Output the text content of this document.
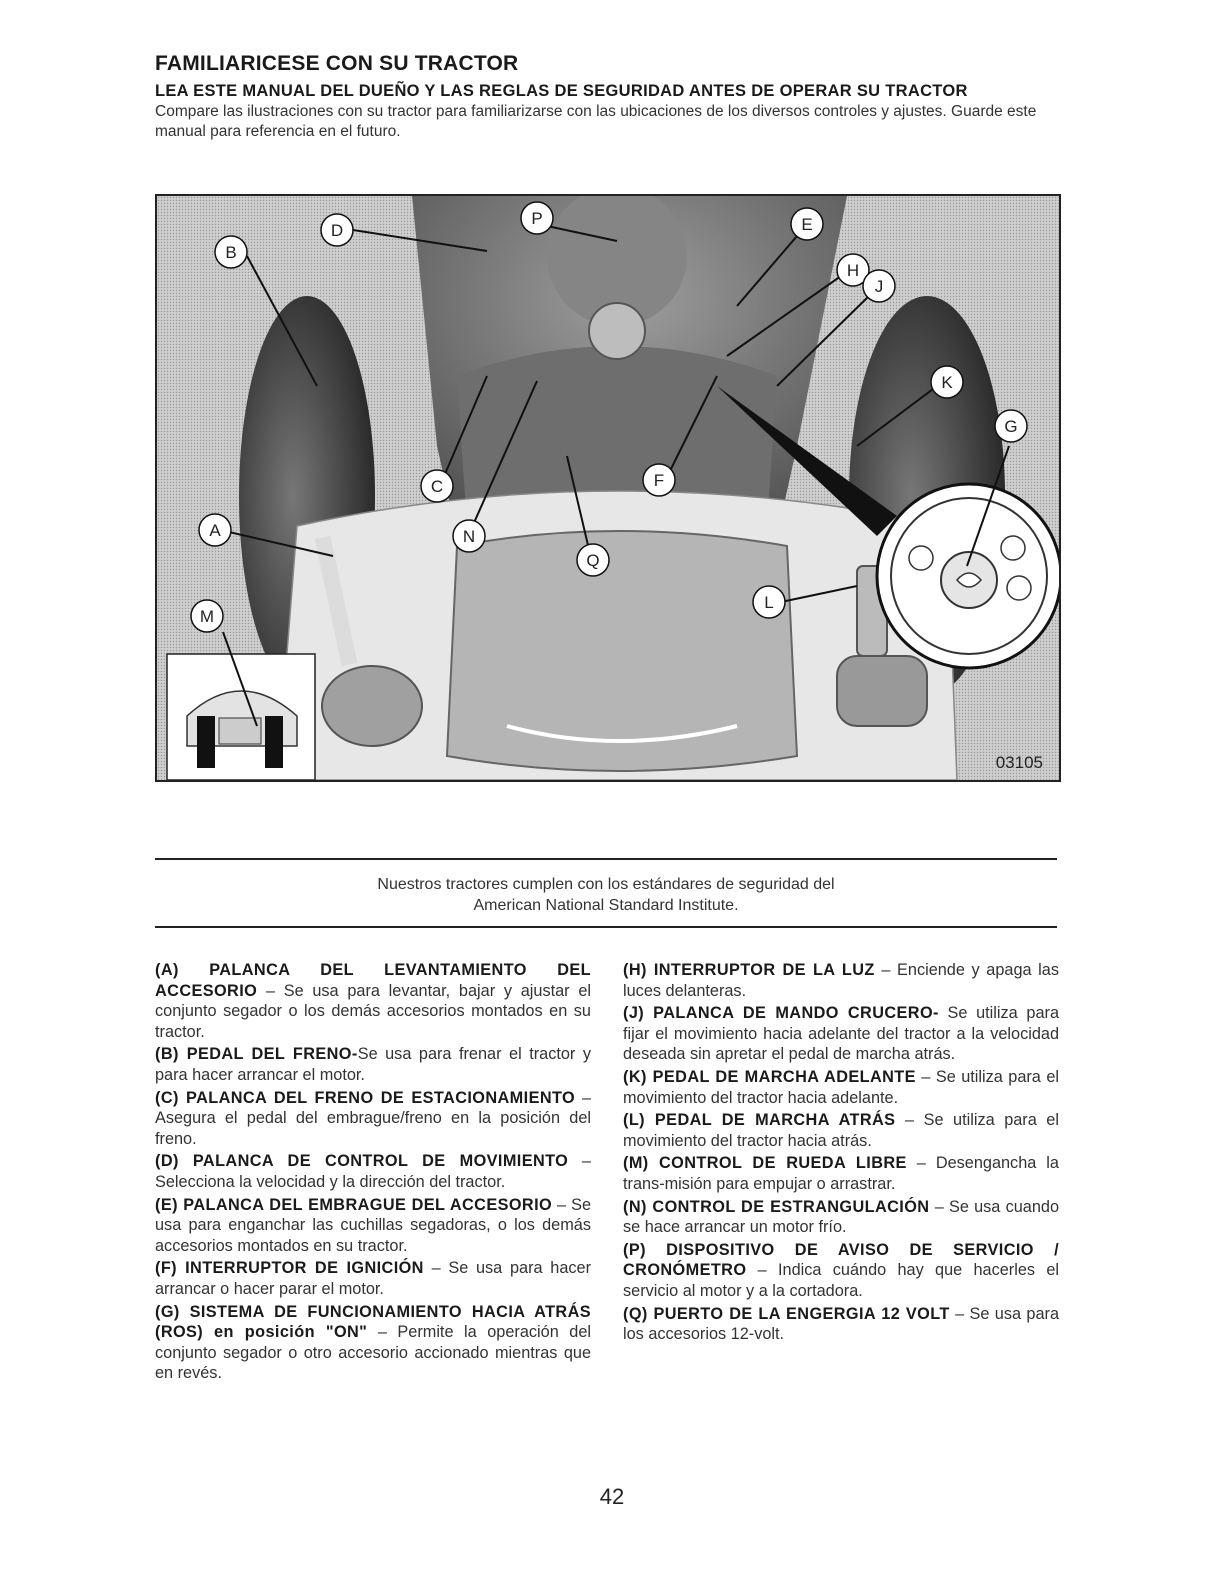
FAMILIARICESE CON SU TRACTOR
LEA ESTE MANUAL DEL DUEÑO Y LAS REGLAS DE SEGURIDAD ANTES DE OPERAR SU TRACTOR
Compare las ilustraciones con su tractor para familiarizarse con las ubicaciones de los diversos controles y ajustes. Guarde este manual para referencia en el futuro.
A
B
C
D	E
F
G
H
J
K
L
M
N
P
Q
03105
Nuestros tractores cumplen con los estándares de seguridad del
American National Standard Institute.
(A) PALANCA DEL LEVANTAMIENTO DEL ACCESORIO – Se usa para levantar, bajar y ajustar el conjunto segador o los demás accesorios montados en su tractor.
(B) PEDAL DEL FRENO-Se usa para frenar el tractor y para hacer arrancar el motor.
(C) PALANCA DEL FRENO DE ESTACIONAMIENTO – Asegura el pedal del embrague/freno en la posición del freno.
(D) PALANCA DE CONTROL DE MOVIMIENTO – Selecciona la velocidad y la dirección del tractor.
(E) PALANCA DEL EMBRAGUE DEL ACCESORIO – Se usa para enganchar las cuchillas segadoras, o los demás accesorios montados en su tractor.
(F) INTERRUPTOR DE IGNICIÓN – Se usa para hacer arrancar o hacer parar el motor.
(G) SISTEMA DE FUNCIONAMIENTO HACIA ATRÁS (ROS) en posición "ON" – Permite la operación del conjunto segador o otro accesorio accionado mientras que en revés.
(H) INTERRUPTOR DE LA LUZ – Enciende y apaga las luces delanteras.
(J) PALANCA DE MANDO CRUCERO- Se utiliza para fijar el movimiento hacia adelante del tractor a la velocidad deseada sin apretar el pedal de marcha atrás.
(K) PEDAL DE MARCHA ADELANTE – Se utiliza para el movimiento del tractor hacia adelante.
(L) PEDAL DE MARCHA ATRÁS – Se utiliza para el movimiento del tractor hacia atrás.
(M) CONTROL DE RUEDA LIBRE – Desengancha la trans-misión para empujar o arrastrar.
(N) CONTROL DE ESTRANGULACIÓN – Se usa cuando se hace arrancar un motor frío.
(P) DISPOSITIVO DE AVISO DE SERVICIO / CRONÓMETRO – Indica cuándo hay que hacerles el servicio al motor y a la cortadora.
(Q) PUERTO DE LA ENGERGIA 12 VOLT – Se usa para los accesorios 12-volt.
42
